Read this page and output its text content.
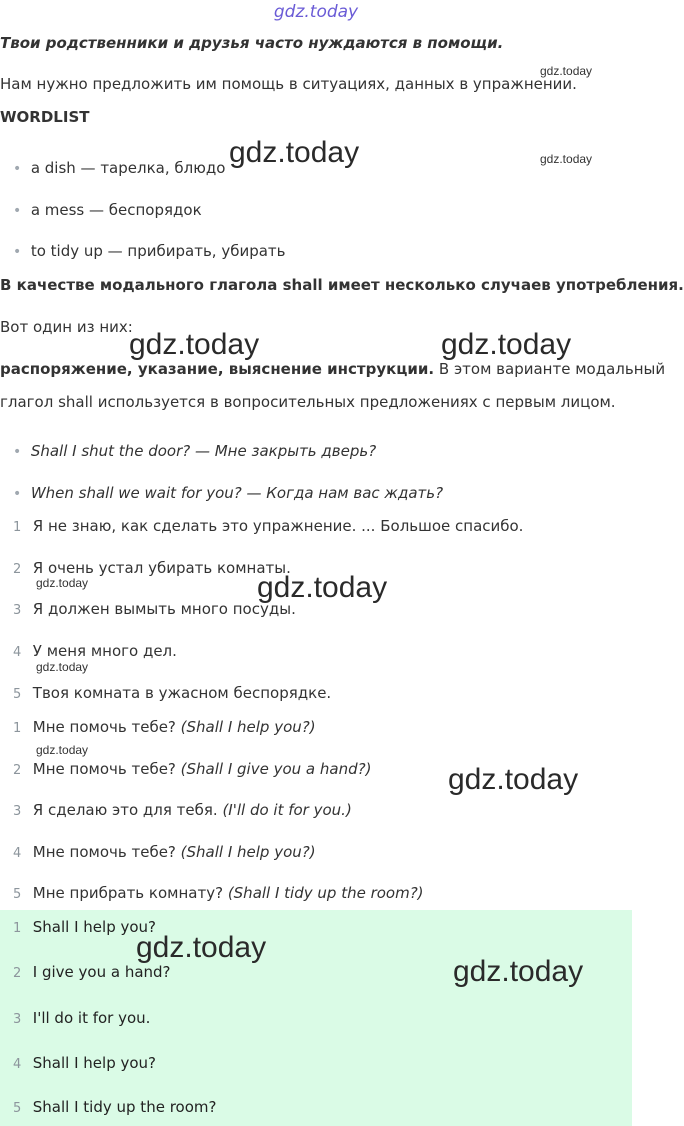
gdz.today
Твои родственники и друзья часто нуждаются в помощи.
Нам нужно предложить им помощь в ситуациях, данных в упражнении.
WORDLIST
• a dish — тарелка, блюдо
• a mess — беспорядок
• to tidy up — прибирать, убирать
В качестве модального глагола shall имеет несколько случаев употребления.
Вот один из них:
распоряжение, указание, выяснение инструкции. В этом варианте модальный
глагол shall используется в вопросительных предложениях с первым лицом.
• Shall I shut the door? — Мне закрыть дверь?
• When shall we wait for you? — Когда нам вас ждать?
1 Я не знаю, как сделать это упражнение. ... Большое спасибо.
2 Я очень устал убирать комнаты.
3 Я должен вымыть много посуды.
4 У меня много дел.
5 Твоя комната в ужасном беспорядке.
1 Мне помочь тебе? (Shall I help you?)
2 Мне помочь тебе? (Shall I give you a hand?)
3 Я сделаю это для тебя. (I'll do it for you.)
4 Мне помочь тебе? (Shall I help you?)
5 Мне прибрать комнату? (Shall I tidy up the room?)
1 Shall I help you?
2 I give you a hand?
3 I'll do it for you.
4 Shall I help you?
5 Shall I tidy up the room?
gdz.today
gdz.today	gdz.today
gdz.today	gdz.today
gdz.today	gdz.today
gdz.today
gdz.today
gdz.today
gdz.today
gdz.today
